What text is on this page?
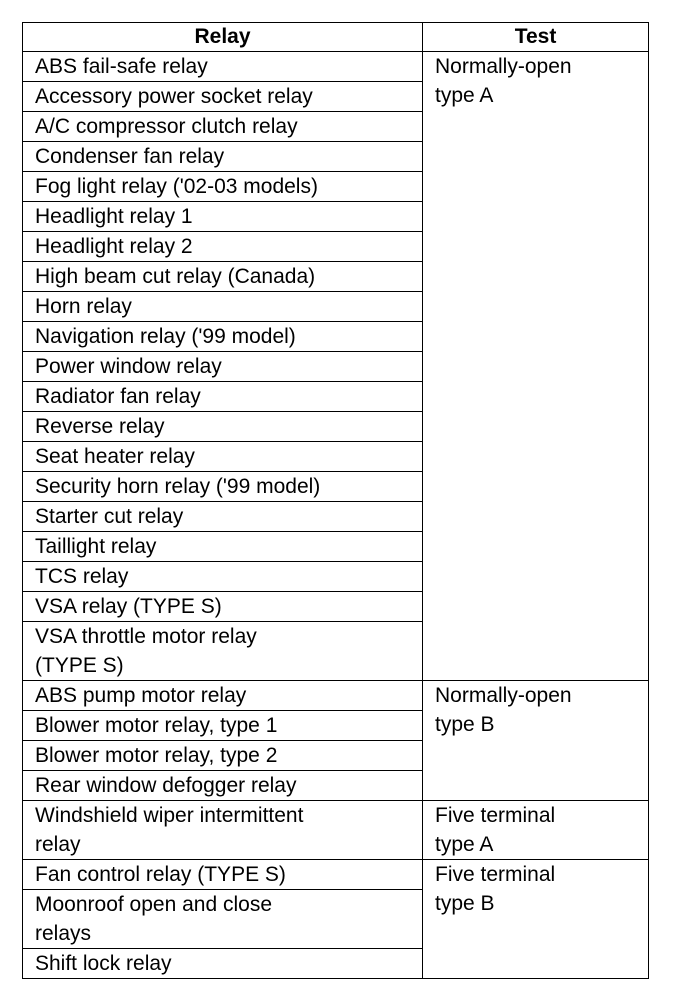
Relay	Test

ABS fail-safe relay	Normally-open
type A

Accessory power socket relay	

A/C compressor clutch relay	

Condenser fan relay	

Fog light relay ('02-03 models)	

Headlight relay 1	

Headlight relay 2	

High beam cut relay (Canada)	

Horn relay	

Navigation relay ('99 model)	

Power window relay	

Radiator fan relay	

Reverse relay	

Seat heater relay	

Security horn relay ('99 model)	

Starter cut relay	

Taillight relay	

TCS relay	

VSA relay (TYPE S)	

VSA throttle motor relay
(TYPE S)	

ABS pump motor relay	Normally-open
type B

Blower motor relay, type 1	

Blower motor relay, type 2	

Rear window defogger relay	

Windshield wiper intermittent
relay	Five terminal
type A

Fan control relay (TYPE S)	Five terminal
type B

Moonroof open and close
relays	

Shift lock relay	
